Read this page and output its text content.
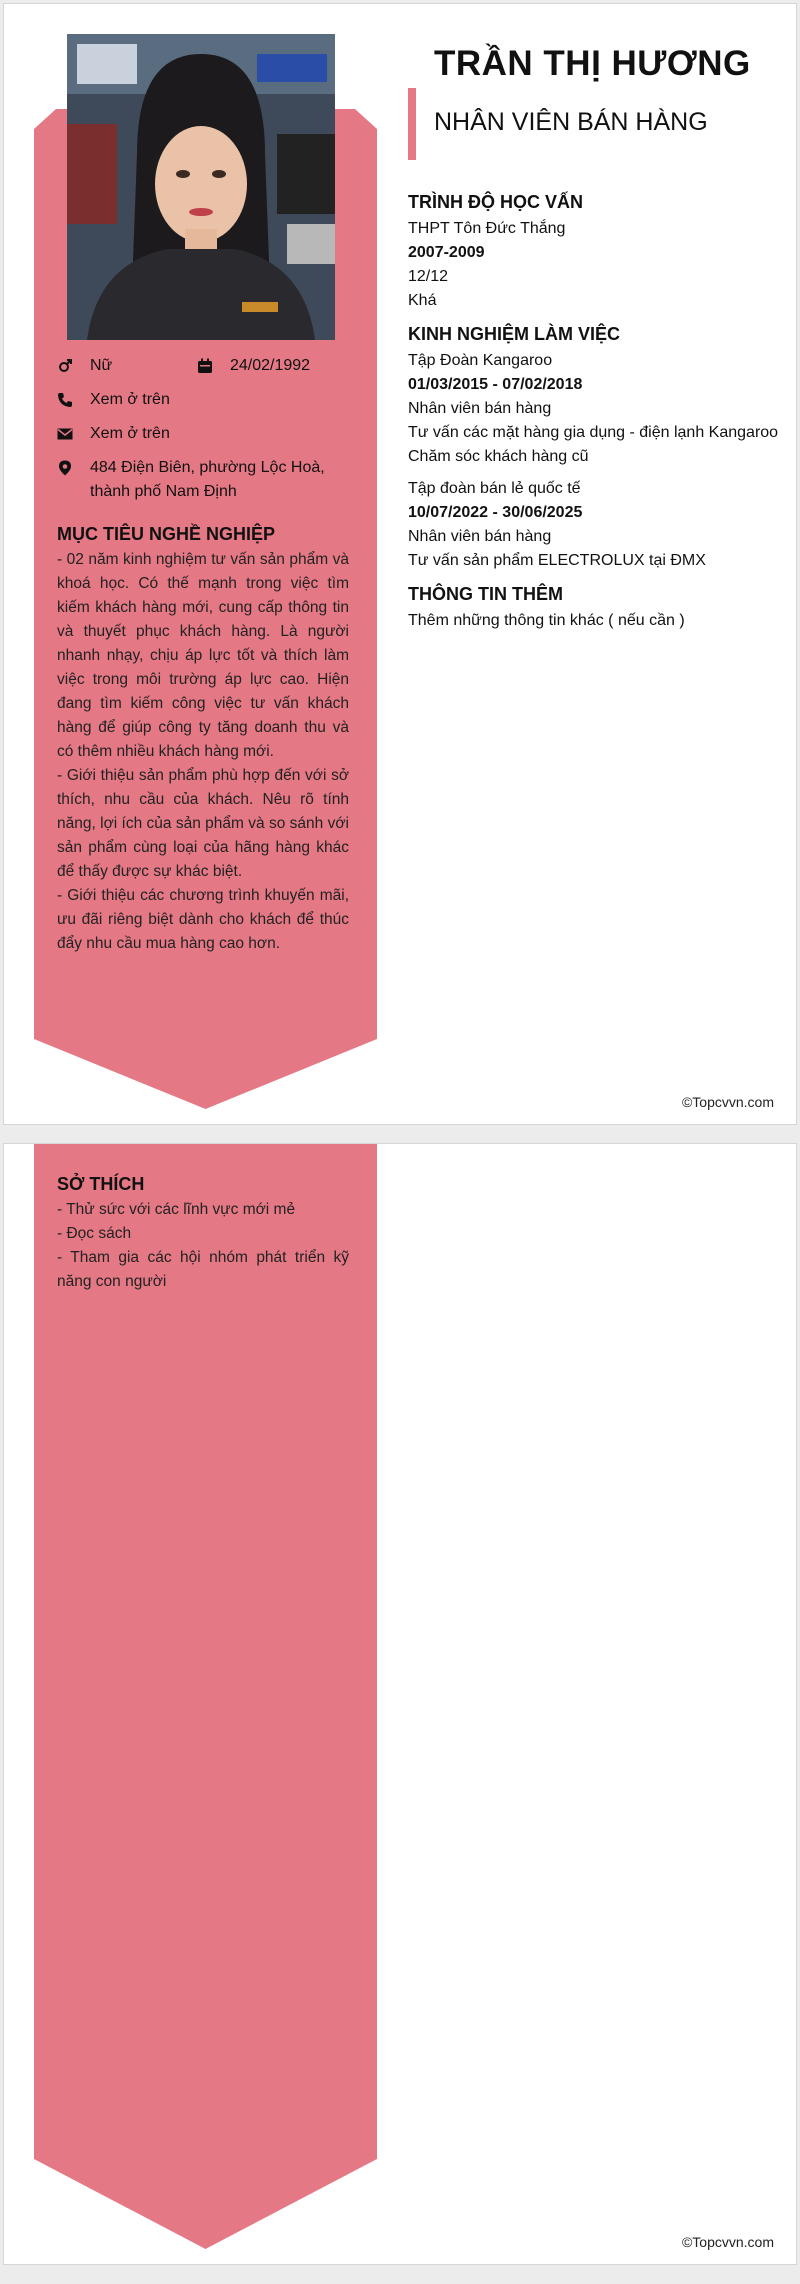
TRẦN THỊ HƯƠNG
NHÂN VIÊN BÁN HÀNG
Nữ	24/02/1992
Xem ở trên
Xem ở trên
484 Điện Biên, phường Lộc Hoà,
thành phố Nam Định
MỤC TIÊU NGHỀ NGHIỆP
- 02 năm kinh nghiệm tư vấn sản phẩm và khoá học. Có thế mạnh trong việc tìm kiếm khách hàng mới, cung cấp thông tin và thuyết phục khách hàng. Là người nhanh nhạy, chịu áp lực tốt và thích làm việc trong môi trường áp lực cao. Hiện đang tìm kiếm công việc tư vấn khách hàng để giúp công ty tăng doanh thu và có thêm nhiều khách hàng mới.
- Giới thiệu sản phẩm phù hợp đến với sở thích, nhu cầu của khách. Nêu rõ tính năng, lợi ích của sản phẩm và so sánh với sản phẩm cùng loại của hãng hàng khác để thấy được sự khác biệt.
- Giới thiệu các chương trình khuyến mãi, ưu đãi riêng biệt dành cho khách để thúc đẩy nhu cầu mua hàng cao hơn.
TRÌNH ĐỘ HỌC VẤN
THPT Tôn Đức Thắng
2007-2009
12/12
Khá
KINH NGHIỆM LÀM VIỆC
Tập Đoàn Kangaroo
01/03/2015 - 07/02/2018
Nhân viên bán hàng
Tư vấn các mặt hàng gia dụng - điện lạnh Kangaroo
Chăm sóc khách hàng cũ
Tập đoàn bán lẻ quốc tế
10/07/2022 - 30/06/2025
Nhân viên bán hàng
Tư vấn sản phẩm ELECTROLUX tại ĐMX
THÔNG TIN THÊM
Thêm những thông tin khác ( nếu cần )
©Topcvvn.com
SỞ THÍCH
- Thử sức với các lĩnh vực mới mẻ
- Đọc sách
- Tham gia các hội nhóm phát triển kỹ năng con người
©Topcvvn.com
